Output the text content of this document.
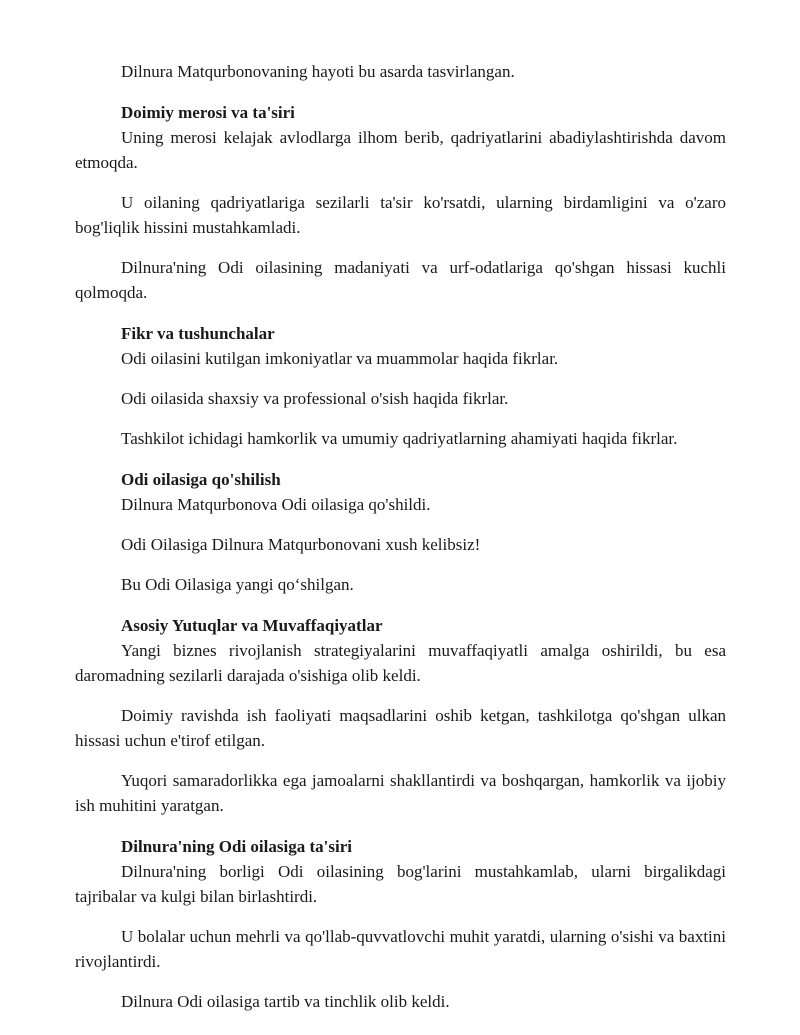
Dilnura Matqurbonovaning hayoti bu asarda tasvirlangan.

Doimiy merosi va ta'siri

Uning merosi kelajak avlodlarga ilhom berib, qadriyatlarini abadiylashtirishda davom etmoqda.

U oilaning qadriyatlariga sezilarli ta'sir ko'rsatdi, ularning birdamligini va o'zaro bog'liqlik hissini mustahkamladi.

Dilnura'ning Odi oilasining madaniyati va urf-odatlariga qo'shgan hissasi kuchli qolmoqda.

Fikr va tushunchalar

Odi oilasini kutilgan imkoniyatlar va muammolar haqida fikrlar.

Odi oilasida shaxsiy va professional o'sish haqida fikrlar.

Tashkilot ichidagi hamkorlik va umumiy qadriyatlarning ahamiyati haqida fikrlar.

Odi oilasiga qo'shilish

Dilnura Matqurbonova Odi oilasiga qo'shildi.

Odi Oilasiga Dilnura Matqurbonovani xush kelibsiz!

Bu Odi Oilasiga yangi qo‘shilgan.

Asosiy Yutuqlar va Muvaffaqiyatlar

Yangi biznes rivojlanish strategiyalarini muvaffaqiyatli amalga oshirildi, bu esa daromadning sezilarli darajada o'sishiga olib keldi.

Doimiy ravishda ish faoliyati maqsadlarini oshib ketgan, tashkilotga qo'shgan ulkan hissasi uchun e'tirof etilgan.

Yuqori samaradorlikka ega jamoalarni shakllantirdi va boshqargan, hamkorlik va ijobiy ish muhitini yaratgan.

Dilnura'ning Odi oilasiga ta'siri

Dilnura'ning borligi Odi oilasining bog'larini mustahkamlab, ularni birgalikdagi tajribalar va kulgi bilan birlashtirdi.

U bolalar uchun mehrli va qo'llab-quvvatlovchi muhit yaratdi, ularning o'sishi va baxtini rivojlantirdi.

Dilnura Odi oilasiga tartib va tinchlik olib keldi.
